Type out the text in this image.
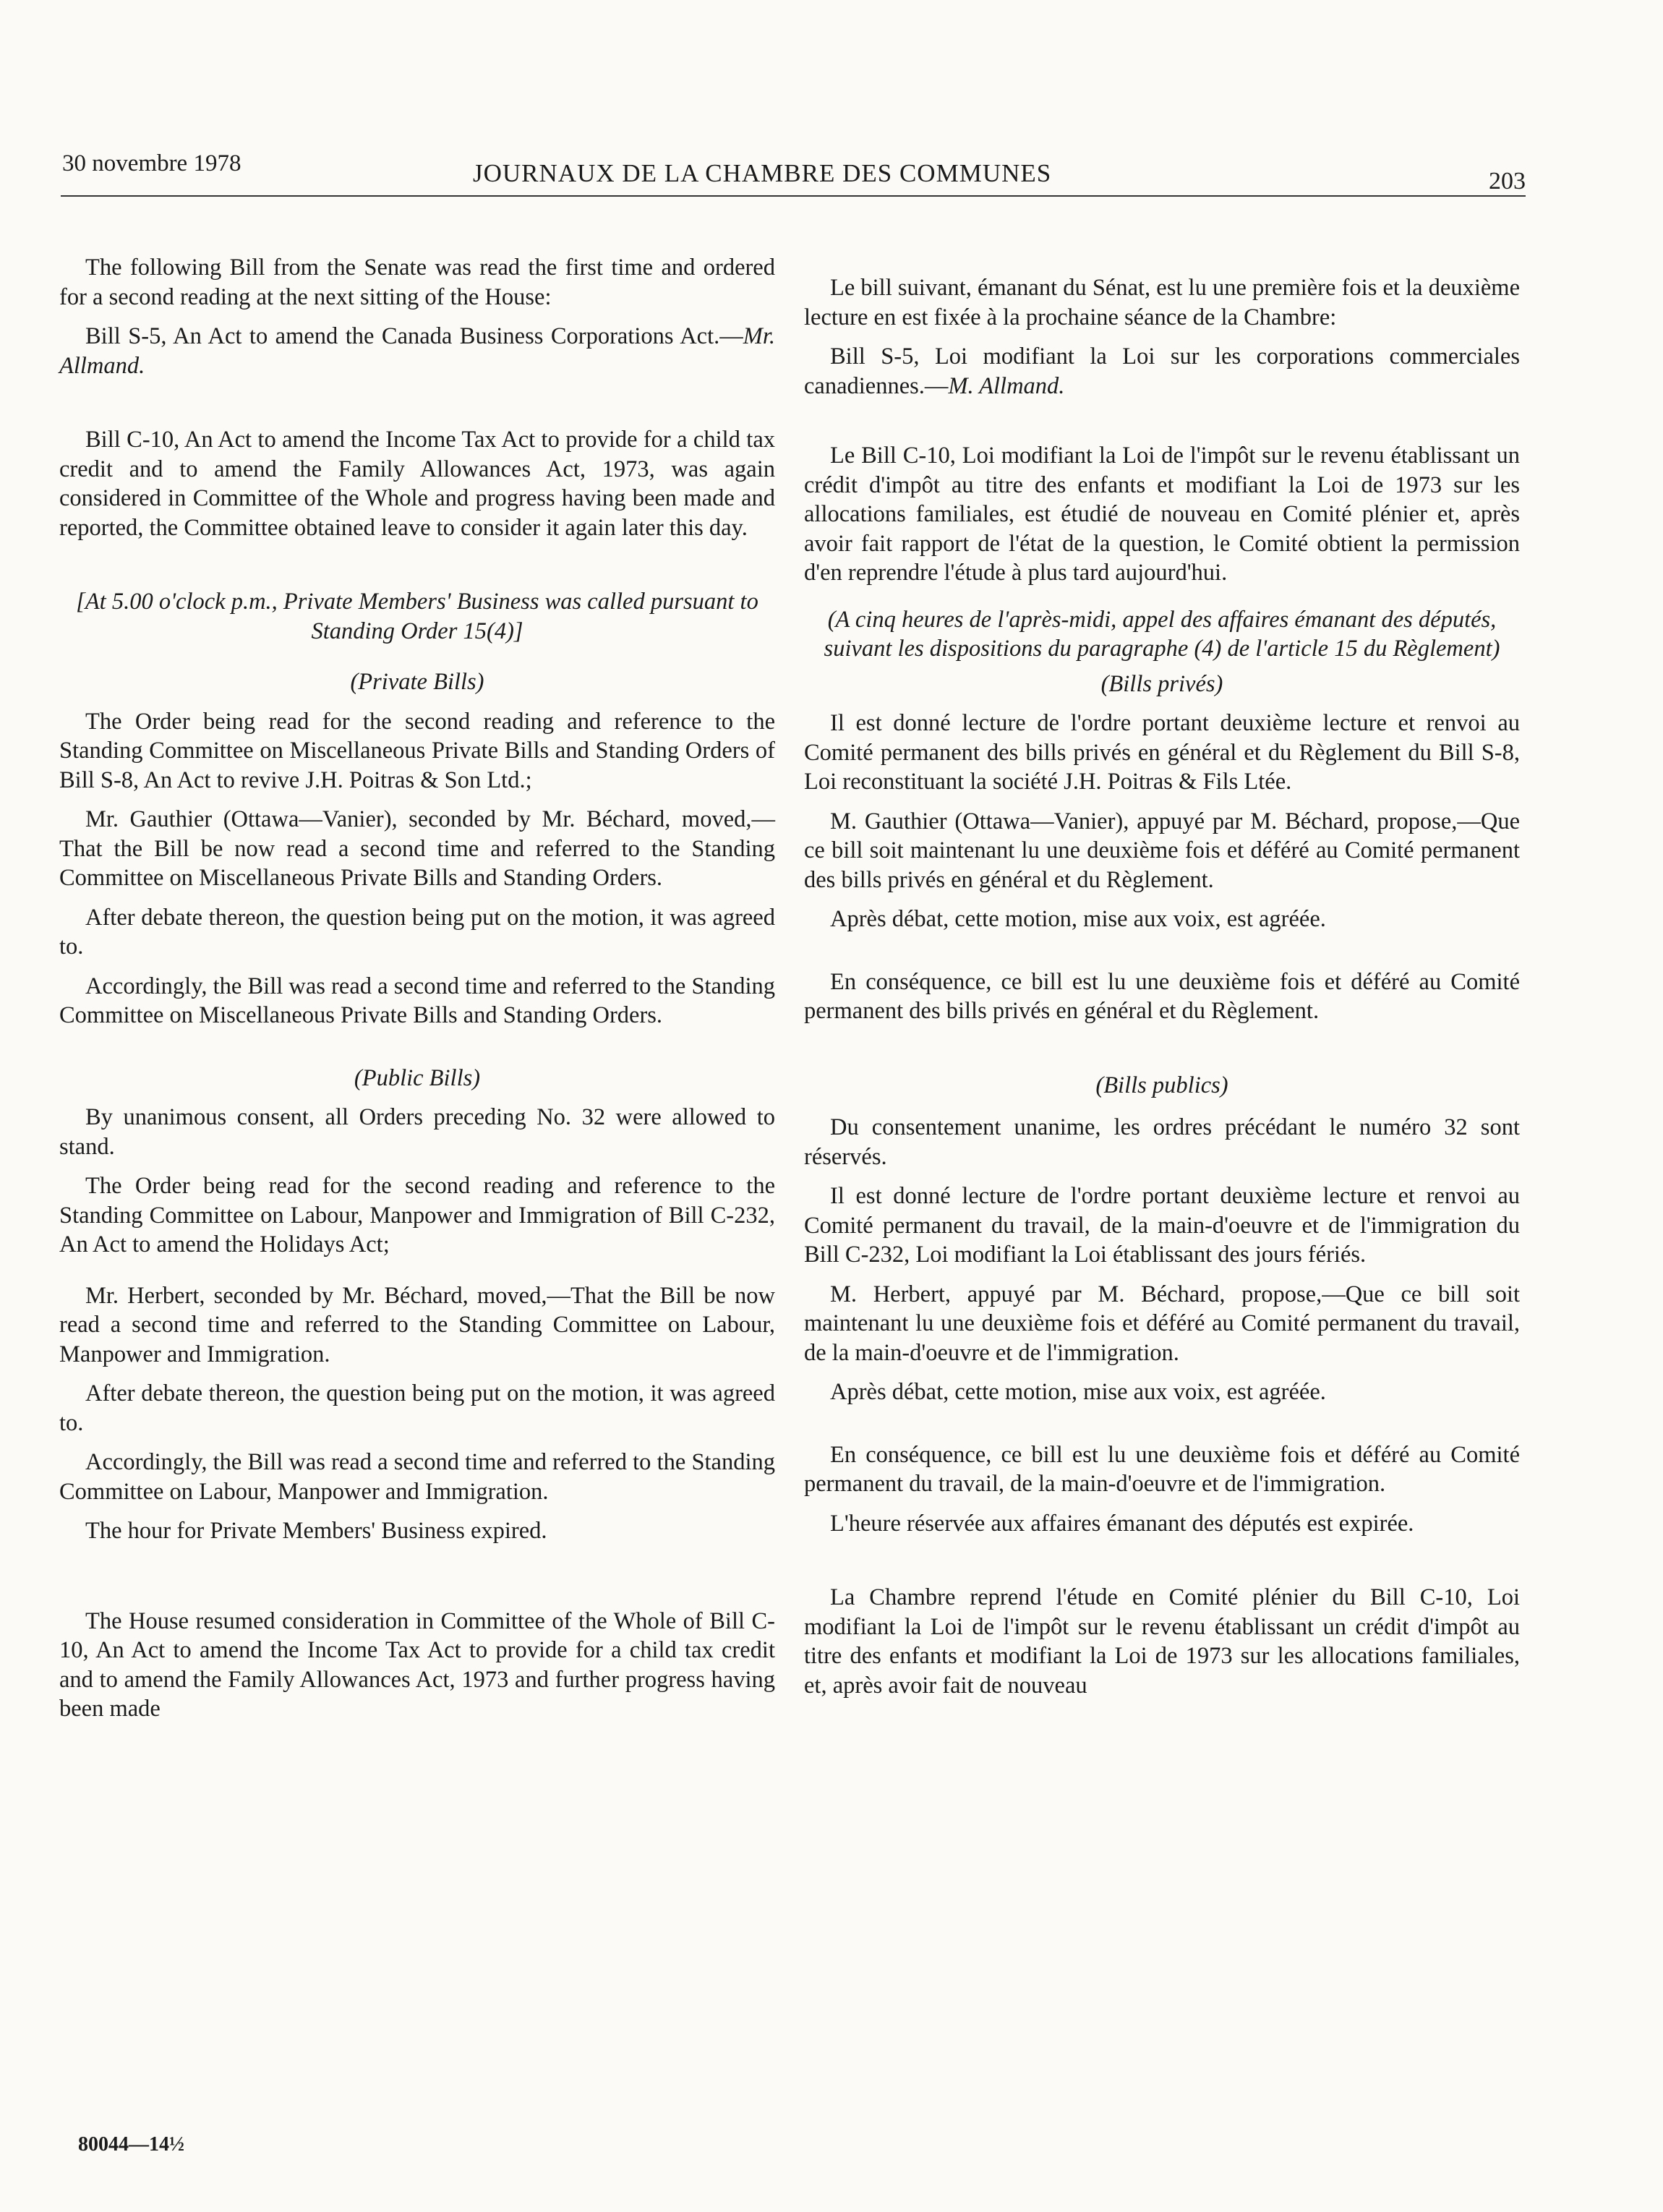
30 novembre 1978	JOURNAUX DE LA CHAMBRE DES COMMUNES	203

The following Bill from the Senate was read the first time and ordered for a second reading at the next sitting of the House:

Bill S-5, An Act to amend the Canada Business Corporations Act.—Mr. Allmand.

Bill C-10, An Act to amend the Income Tax Act to provide for a child tax credit and to amend the Family Allowances Act, 1973, was again considered in Committee of the Whole and progress having been made and reported, the Committee obtained leave to consider it again later this day.

[At 5.00 o'clock p.m., Private Members' Business was called pursuant to Standing Order 15(4)]

(Private Bills)

The Order being read for the second reading and reference to the Standing Committee on Miscellaneous Private Bills and Standing Orders of Bill S-8, An Act to revive J.H. Poitras & Son Ltd.;

Mr. Gauthier (Ottawa—Vanier), seconded by Mr. Béchard, moved,—That the Bill be now read a second time and referred to the Standing Committee on Miscellaneous Private Bills and Standing Orders.

After debate thereon, the question being put on the motion, it was agreed to.

Accordingly, the Bill was read a second time and referred to the Standing Committee on Miscellaneous Private Bills and Standing Orders.

(Public Bills)

By unanimous consent, all Orders preceding No. 32 were allowed to stand.

The Order being read for the second reading and reference to the Standing Committee on Labour, Manpower and Immigration of Bill C-232, An Act to amend the Holidays Act;

Mr. Herbert, seconded by Mr. Béchard, moved,—That the Bill be now read a second time and referred to the Standing Committee on Labour, Manpower and Immigration.

After debate thereon, the question being put on the motion, it was agreed to.

Accordingly, the Bill was read a second time and referred to the Standing Committee on Labour, Manpower and Immigration.

The hour for Private Members' Business expired.

The House resumed consideration in Committee of the Whole of Bill C-10, An Act to amend the Income Tax Act to provide for a child tax credit and to amend the Family Allowances Act, 1973 and further progress having been made

Le bill suivant, émanant du Sénat, est lu une première fois et la deuxième lecture en est fixée à la prochaine séance de la Chambre:

Bill S-5, Loi modifiant la Loi sur les corporations commerciales canadiennes.—M. Allmand.

Le Bill C-10, Loi modifiant la Loi de l'impôt sur le revenu établissant un crédit d'impôt au titre des enfants et modifiant la Loi de 1973 sur les allocations familiales, est étudié de nouveau en Comité plénier et, après avoir fait rapport de l'état de la question, le Comité obtient la permission d'en reprendre l'étude à plus tard aujourd'hui.

(A cinq heures de l'après-midi, appel des affaires émanant des députés, suivant les dispositions du paragraphe (4) de l'article 15 du Règlement)

(Bills privés)

Il est donné lecture de l'ordre portant deuxième lecture et renvoi au Comité permanent des bills privés en général et du Règlement du Bill S-8, Loi reconstituant la société J.H. Poitras & Fils Ltée.

M. Gauthier (Ottawa—Vanier), appuyé par M. Béchard, propose,—Que ce bill soit maintenant lu une deuxième fois et déféré au Comité permanent des bills privés en général et du Règlement.

Après débat, cette motion, mise aux voix, est agréée.

En conséquence, ce bill est lu une deuxième fois et déféré au Comité permanent des bills privés en général et du Règlement.

(Bills publics)

Du consentement unanime, les ordres précédant le numéro 32 sont réservés.

Il est donné lecture de l'ordre portant deuxième lecture et renvoi au Comité permanent du travail, de la main-d'oeuvre et de l'immigration du Bill C-232, Loi modifiant la Loi établissant des jours fériés.

M. Herbert, appuyé par M. Béchard, propose,—Que ce bill soit maintenant lu une deuxième fois et déféré au Comité permanent du travail, de la main-d'oeuvre et de l'immigration.

Après débat, cette motion, mise aux voix, est agréée.

En conséquence, ce bill est lu une deuxième fois et déféré au Comité permanent du travail, de la main-d'oeuvre et de l'immigration.

L'heure réservée aux affaires émanant des députés est expirée.

La Chambre reprend l'étude en Comité plénier du Bill C-10, Loi modifiant la Loi de l'impôt sur le revenu établissant un crédit d'impôt au titre des enfants et modifiant la Loi de 1973 sur les allocations familiales, et, après avoir fait de nouveau

80044—14½
